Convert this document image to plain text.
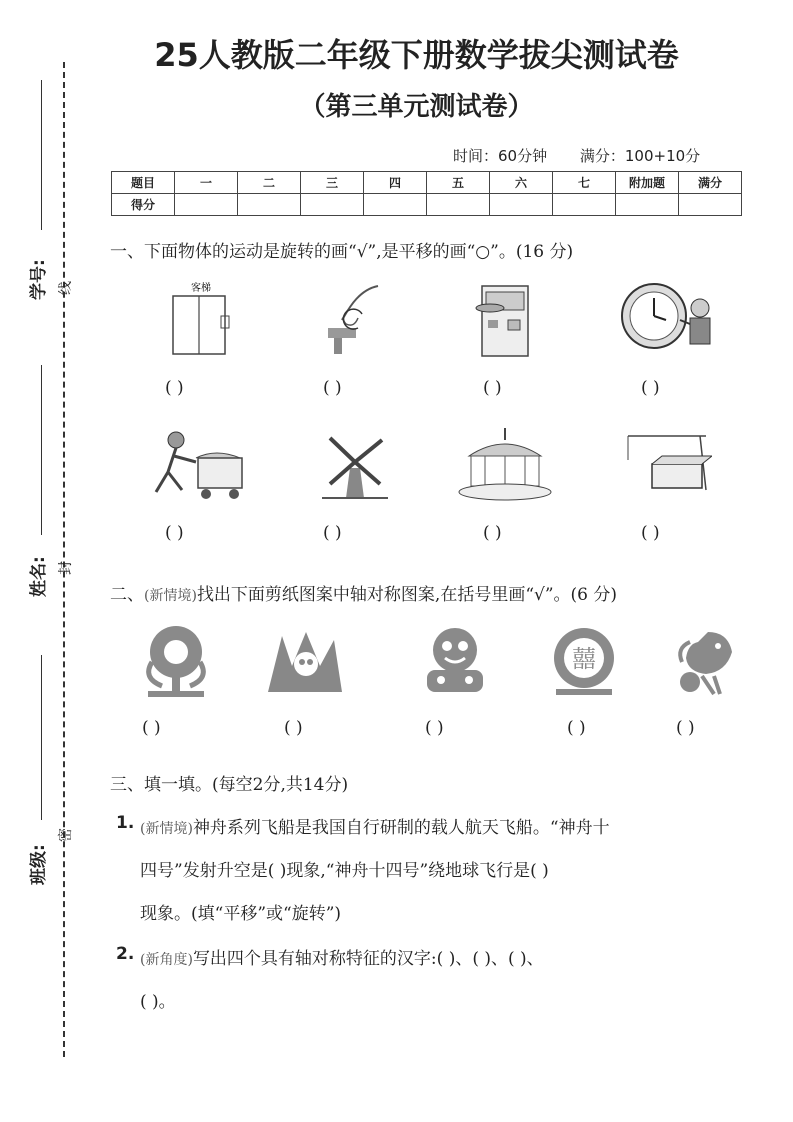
学号: 线
姓名: 封
班级:
密
25人教版二年级下册数学拔尖测试卷
（第三单元测试卷）
时间：60分钟 满分：100+10分
题目	一	二	三	四	五	六	七	附加题	满分
得分									
一、下面物体的运动是旋转的画“√”,是平移的画“○”。(16 分)
客梯
( )	( )	( )	( )
( )	( )	( )	( )
二、(新情境)找出下面剪纸图案中轴对称图案,在括号里画“√”。(6 分)
囍
( )	( )	( )	( )	( )
三、填一填。(每空2分,共14分)
1. (新情境)神舟系列飞船是我国自行研制的载人航天飞船。“神舟十
四号”发射升空是( )现象,“神舟十四号”绕地球飞行是( )
现象。(填“平移”或“旋转”)
2. (新角度)写出四个具有轴对称特征的汉字:( )、( )、( )、
( )。
